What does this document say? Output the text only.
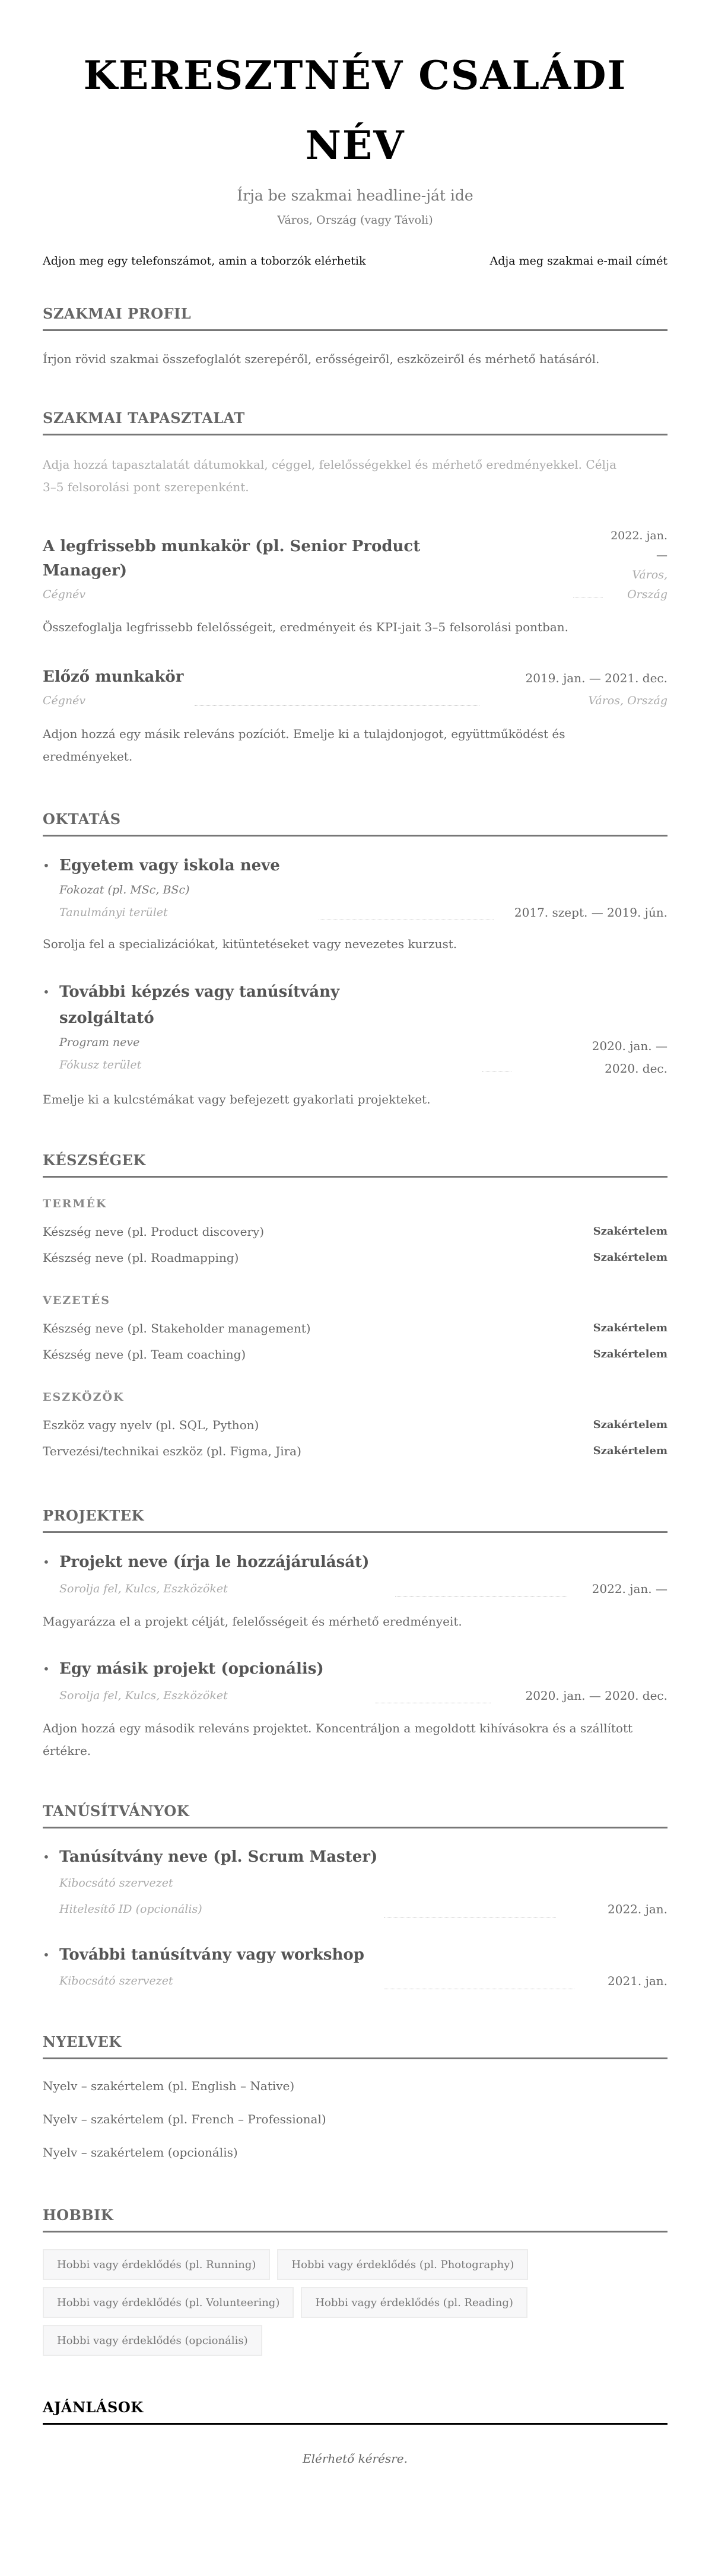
KERESZTNÉV CSALÁDI NÉV
Írja be szakmai headline-ját ide
Város, Ország (vagy Távoli)
Adjon meg egy telefonszámot, amin a toborzók elérhetik	Adja meg szakmai e-mail címét
SZAKMAI PROFIL
Írjon rövid szakmai összefoglalót szerepéről, erősségeiről, eszközeiről és mérhető hatásáról.
SZAKMAI TAPASZTALAT
Adja hozzá tapasztalatát dátumokkal, céggel, felelősségekkel és mérhető eredményekkel. Célja 3–5 felsorolási pont szerepenként.
A legfrissebb munkakör (pl. Senior Product Manager)
Cégnév
2022. jan.
—
Város,
Ország
Összefoglalja legfrissebb felelősségeit, eredményeit és KPI-jait 3–5 felsorolási pontban.
Előző munkakör	2019. jan. — 2021. dec.
Cégnév	Város, Ország
Adjon hozzá egy másik releváns pozíciót. Emelje ki a tulajdonjogot, együttműködést és eredményeket.
OKTATÁS
• Egyetem vagy iskola neve
Fokozat (pl. MSc, BSc)
Tanulmányi terület	2017. szept. — 2019. jún.
Sorolja fel a specializációkat, kitüntetéseket vagy nevezetes kurzust.
• További képzés vagy tanúsítvány szolgáltató
Program neve
Fókusz terület
2020. jan. — 2020. dec.
Emelje ki a kulcstémákat vagy befejezett gyakorlati projekteket.
KÉSZSÉGEK
TERMÉK
Készség neve (pl. Product discovery)	Szakértelem
Készség neve (pl. Roadmapping)	Szakértelem
VEZETÉS
Készség neve (pl. Stakeholder management)	Szakértelem
Készség neve (pl. Team coaching)	Szakértelem
ESZKÖZÖK
Eszköz vagy nyelv (pl. SQL, Python)	Szakértelem
Tervezési/technikai eszköz (pl. Figma, Jira)	Szakértelem
PROJEKTEK
• Projekt neve (írja le hozzájárulását)
Sorolja fel, Kulcs, Eszközöket	2022. jan. —
Magyarázza el a projekt célját, felelősségeit és mérhető eredményeit.
• Egy másik projekt (opcionális)
Sorolja fel, Kulcs, Eszközöket	2020. jan. — 2020. dec.
Adjon hozzá egy második releváns projektet. Koncentráljon a megoldott kihívásokra és a szállított értékre.
TANÚSÍTVÁNYOK
• Tanúsítvány neve (pl. Scrum Master)
Kibocsátó szervezet
Hitelesítő ID (opcionális)	2022. jan.
• További tanúsítvány vagy workshop
Kibocsátó szervezet	2021. jan.
NYELVEK
Nyelv – szakértelem (pl. English – Native)
Nyelv – szakértelem (pl. French – Professional)
Nyelv – szakértelem (opcionális)
HOBBIK
Hobbi vagy érdeklődés (pl. Running)	Hobbi vagy érdeklődés (pl. Photography)
Hobbi vagy érdeklődés (pl. Volunteering)	Hobbi vagy érdeklődés (pl. Reading)
Hobbi vagy érdeklődés (opcionális)
AJÁNLÁSOK
Elérhető kérésre.
